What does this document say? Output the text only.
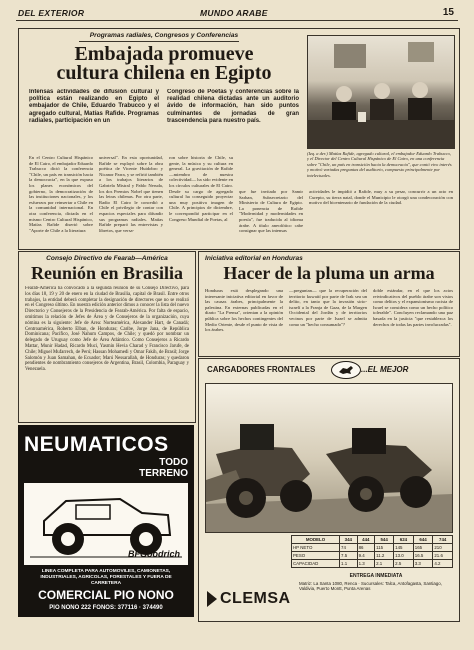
DEL EXTERIOR	MUNDO ARABE	15
Programas radiales, Congresos y Conferencias
Embajada promueve
cultura chilena en Egipto
Intensas actividades de difusión cultural y política están realizando en Egipto el embajador de Chile, Eduardo Trabucco y el agregado cultural, Matías Rafide. Programas radiales, participación en un
Congreso de Poetas y conferencias sobre la realidad chilena dictadas ante un auditorio ávido de información, han sido puntos culminantes de jornadas de gran trascendencia para nuestro país.
(Izq. a der.) Matías Rafide, agregado cultural, el embajador Eduardo Trabucco, y el Director del Centro Cultural Hispánico de El Cairo, en una conferencia sobre "Chile, un país en transición hacia la democracia", que contó vivo interés y motivó variadas preguntas del auditorio, compuesto principalmente por intelectuales.
En el Centro Cultural Hispánico de El Cairo, el embajador Eduardo Trabucco dictó la conferencia "Chile, un país en transición hacia la democracia", en la que expuso los planes económicos del gobierno, la democratización de las instituciones nacionales, y los esfuerzos por reinsertar a Chile en la comunidad internacional. En otra conferencia, dictada en el mismo Centro Cultural Hispánico, Matías Rafide disertó sobre "Aporte de Chile a la literatura
universal". En esta oportunidad, Rafide se explayó sobre la obra poética de Vicente Huidobro y Nicanor Parra, y se refirió también a los trabajos literarios de Gabriela Mistral y Pablo Neruda, los dos Premios Nobel que tienen las letras chilenas. Por otra parte, Radio El Cairo le concedió a Chile el privilegio de contar con espacios especiales para difundir sus programas radiales. Matías Rafide preparó las entrevistas y libretos, que versa-
ron sobre historia de Chile, su gente, la música y su cultura en general. La gravitación de Rafide —miembro de nuestra colectividad— ha sido evidente en los círculos culturales de El Cairo. Desde su cargo de agregado cultural ha conseguido proyectar una muy positiva imagen de Chile. A principios de diciembre, le correspondió participar en el Congreso Mundial de Poetas, al
que fue invitado por Samir Sarhan, Subsecretario del Ministerio de Cultura de Egipto. La ponencia de Rafide "Modernidad y modernidades en poesía", fue traducida al idioma árabe. A título anecdótico cabe consignar que las intensas
actividades le impidió a Rafide, muy a su pesar, concurrir a un acto en Curepto, su tierra natal, donde el Municipio le otorgó una condecoración con motivo del bicentenario de fundación de la ciudad.
Consejo Directivo de Fearab—América
Reunión en Brasilia
Fearab-América ha convocado a la segunda reunión de su Consejo Directivo, para los días 18, 19 y 20 de enero en la ciudad de Brasilia, capital de Brasil. Entre otros trabajos, la entidad deberá completar la designación de directores que no se realizó en el Congreso último. En nuestra edición anterior dimos a conocer la lista del nuevo Directorio y Consejeros de la Presidencia de Fearab-América. Por falta de espacio, omitimos la relación de Jefes de Área y de Consejeros de la organización, cuya nómina es la siguiente: Jefe de Area: Norteamérica, Alexander Hart, de Canadá; Centroamérica, Roberto Elban, de Honduras; Caribe, Jorge Jana, de República Dominicana; Pacífico, José Nahum Campos, de Chile; y quedó por nombrar un delegado de Uruguay como Jefe de Área Atlántico. Como Consejeros a Ricardo Mattar, Munir Hadad, Ricardo Muci, Yasmin Hevia Charad y Francisco Jarufe, de Chile; Miguel Mufarrech, de Perú; Hassan Mohamedi y Omar Fakih, de Brasil; Jorge Salomón y Juan Samahan, de Ecuador; Marú Nessarallah, de Honduras; y quedaron pendientes de nombramiento consejeros de Argentina, Brasil, Colombia, Paraguay y Venezuela.
Iniciativa editorial en Honduras
Hacer de la pluma un arma
Honduras está desplegando una interesante iniciativa editorial en favor de las causas árabes, principalmente la palestina. En externas publicadas en el diario "La Prensa", orientan a la opinión pública sobre los hechos contingentes del Medio Oriente, desde el punto de vista de los árabes.
—preguntan— que la recuperación del territorio kuwaití por parte de Irak sea un delito, en tanto que la invasión sirio-israelí a la Franja de Gaza, de la Margen Occidental del Jordán y de territorios vecinos por parte de Israel se admita como un "hecho consumado"?
doble estándar, en el que los actos reivindicativos del pueblo árabe son vistos como delitos y el expansionismo racista de Israel se considera como un hecho político tolerable". Concluyen reclamando una paz basada en la justicia "que restablezca los derechos de todas las partes involucradas".
NEUMATICOS
TODO
TERRENO
BFGoodrich
LINEA COMPLETA PARA AUTOMOVILES, CAMIONETAS, INDUSTRIALES, AGRICOLAS, FORESTALES Y FUERA DE CARRETERA
COMERCIAL PIO NONO
PIO NONO 222 FONOS: 377116 · 374490
CARGADORES FRONTALES	...EL MEJOR
MODELO	344	444	544	624	644	744
HP NETO	74	86	115	145	165	210
PESO	7.5	9.4	11.2	13.0	16.5	21.6
CAPACIDAD	1.1	1.3	2.1	2.5	3.3	4.2
CLEMSA
ENTREGA INMEDIATA
Matriz: La Santa 1080, Renca · Sucursales: Talca, Antofagasta, Santiago, Valdivia, Puerto Montt, Punta Arenas
